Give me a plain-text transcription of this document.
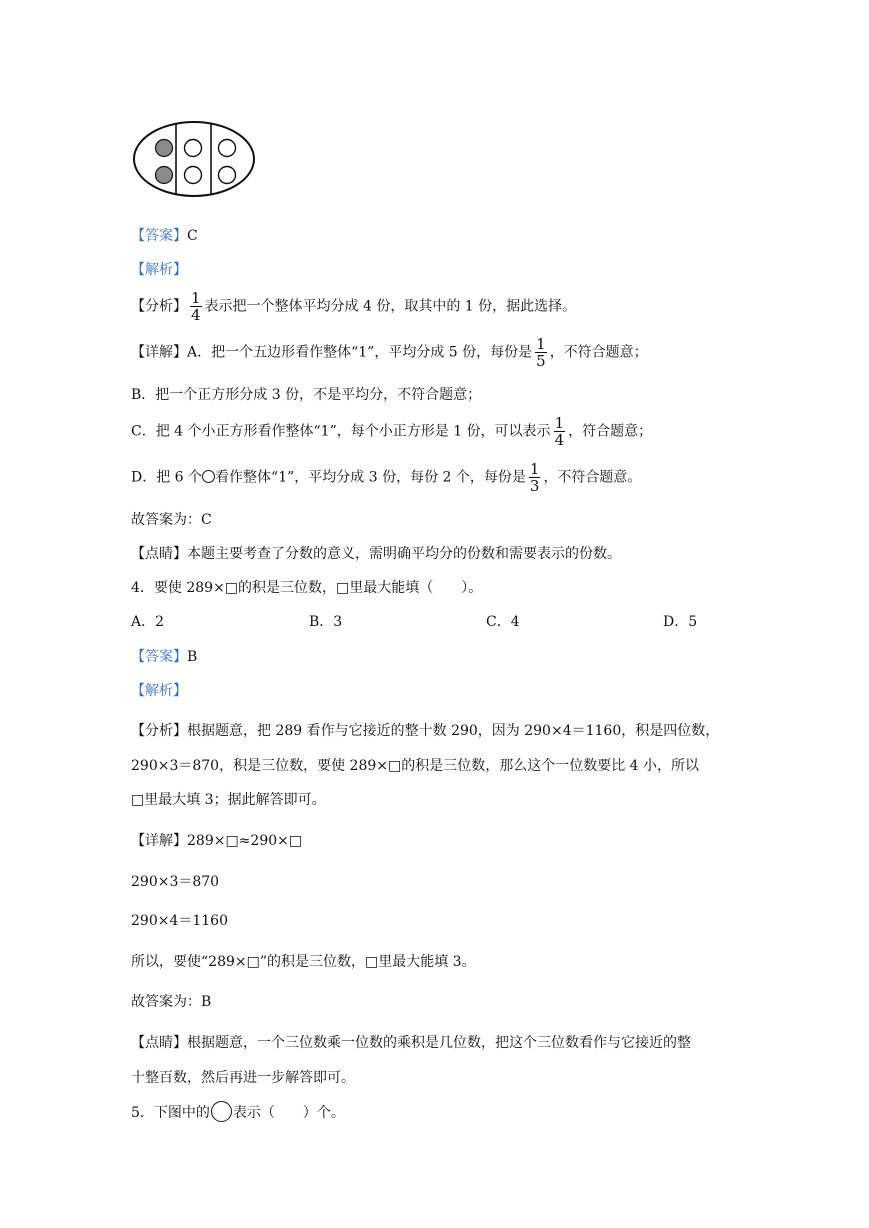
【答案】C
【解析】
【分析】 $\frac{1}{4}$ 表示把一个整体平均分成 4 份，取其中的 1 份，据此选择。
【详解】A．把一个五边形看作整体“1”，平均分成 5 份，每份是 $\frac{1}{5}$ ，不符合题意；
B．把一个正方形分成 3 份，不是平均分，不符合题意；
C．把 4 个小正方形看作整体“1”，每个小正方形是 1 份，可以表示 $\frac{1}{4}$ ，符合题意；
D．把 6 个 看作整体“1”，平均分成 3 份，每份 2 个，每份是 $\frac{1}{3}$ ，不符合题意。
故答案为：C
【点睛】本题主要考查了分数的意义，需明确平均分的份数和需要表示的份数。
4．要使 289×□的积是三位数，□里最大能填（　　）。
A．2	B．3	C．4	D．5
【答案】B
【解析】
【分析】根据题意，把 289 看作与它接近的整十数 290，因为 290×4＝1160，积是四位数，
290×3＝870，积是三位数，要使 289×□的积是三位数，那么这个一位数要比 4 小，所以
□里最大填 3；据此解答即可。
【详解】289×□≈290×□
290×3＝870
290×4＝1160
所以，要使“289×□”的积是三位数，□里最大能填 3。
故答案为：B
【点睛】根据题意，一个三位数乘一位数的乘积是几位数，把这个三位数看作与它接近的整
十整百数，然后再进一步解答即可。
5．下图中的 表示（　　）个。
